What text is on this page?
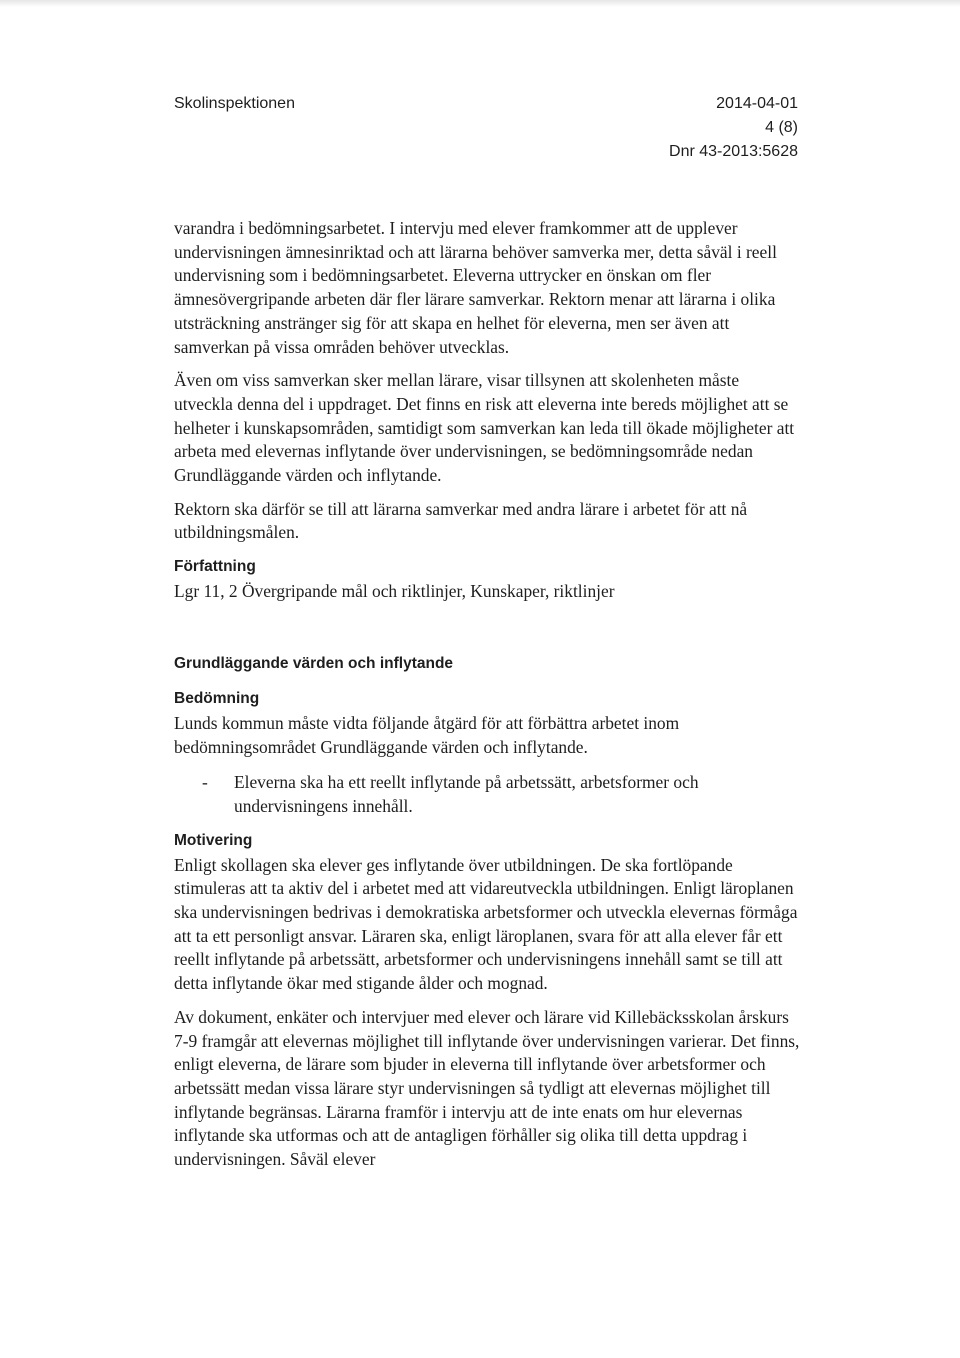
Skolinspektionen	2014-04-01
4 (8)
Dnr 43-2013:5628

varandra i bedömningsarbetet. I intervju med elever framkommer att de upplever undervisningen ämnesinriktad och att lärarna behöver samverka mer, detta såväl i reell undervisning som i bedömningsarbetet. Eleverna uttrycker en önskan om fler ämnesövergripande arbeten där fler lärare samverkar. Rektorn menar att lärarna i olika utsträckning anstränger sig för att skapa en helhet för eleverna, men ser även att samverkan på vissa områden behöver utvecklas.

Även om viss samverkan sker mellan lärare, visar tillsynen att skolenheten måste utveckla denna del i uppdraget. Det finns en risk att eleverna inte bereds möjlighet att se helheter i kunskapsområden, samtidigt som samverkan kan leda till ökade möjligheter att arbeta med elevernas inflytande över undervisningen, se bedömningsområde nedan Grundläggande värden och inflytande.

Rektorn ska därför se till att lärarna samverkar med andra lärare i arbetet för att nå utbildningsmålen.

Författning

Lgr 11, 2 Övergripande mål och riktlinjer, Kunskaper, riktlinjer

Grundläggande värden och inflytande
Bedömning

Lunds kommun måste vidta följande åtgärd för att förbättra arbetet inom bedömningsområdet Grundläggande värden och inflytande.

- Eleverna ska ha ett reellt inflytande på arbetssätt, arbetsformer och undervisningens innehåll.
Motivering

Enligt skollagen ska elever ges inflytande över utbildningen. De ska fortlöpande stimuleras att ta aktiv del i arbetet med att vidareutveckla utbildningen. Enligt läroplanen ska undervisningen bedrivas i demokratiska arbetsformer och utveckla elevernas förmåga att ta ett personligt ansvar. Läraren ska, enligt läroplanen, svara för att alla elever får ett reellt inflytande på arbetssätt, arbetsformer och undervisningens innehåll samt se till att detta inflytande ökar med stigande ålder och mognad.

Av dokument, enkäter och intervjuer med elever och lärare vid Killebäcksskolan årskurs 7-9 framgår att elevernas möjlighet till inflytande över undervisningen varierar. Det finns, enligt eleverna, de lärare som bjuder in eleverna till inflytande över arbetsformer och arbetssätt medan vissa lärare styr undervisningen så tydligt att elevernas möjlighet till inflytande begränsas. Lärarna framför i intervju att de inte enats om hur elevernas inflytande ska utformas och att de antagligen förhåller sig olika till detta uppdrag i undervisningen. Såväl elever
